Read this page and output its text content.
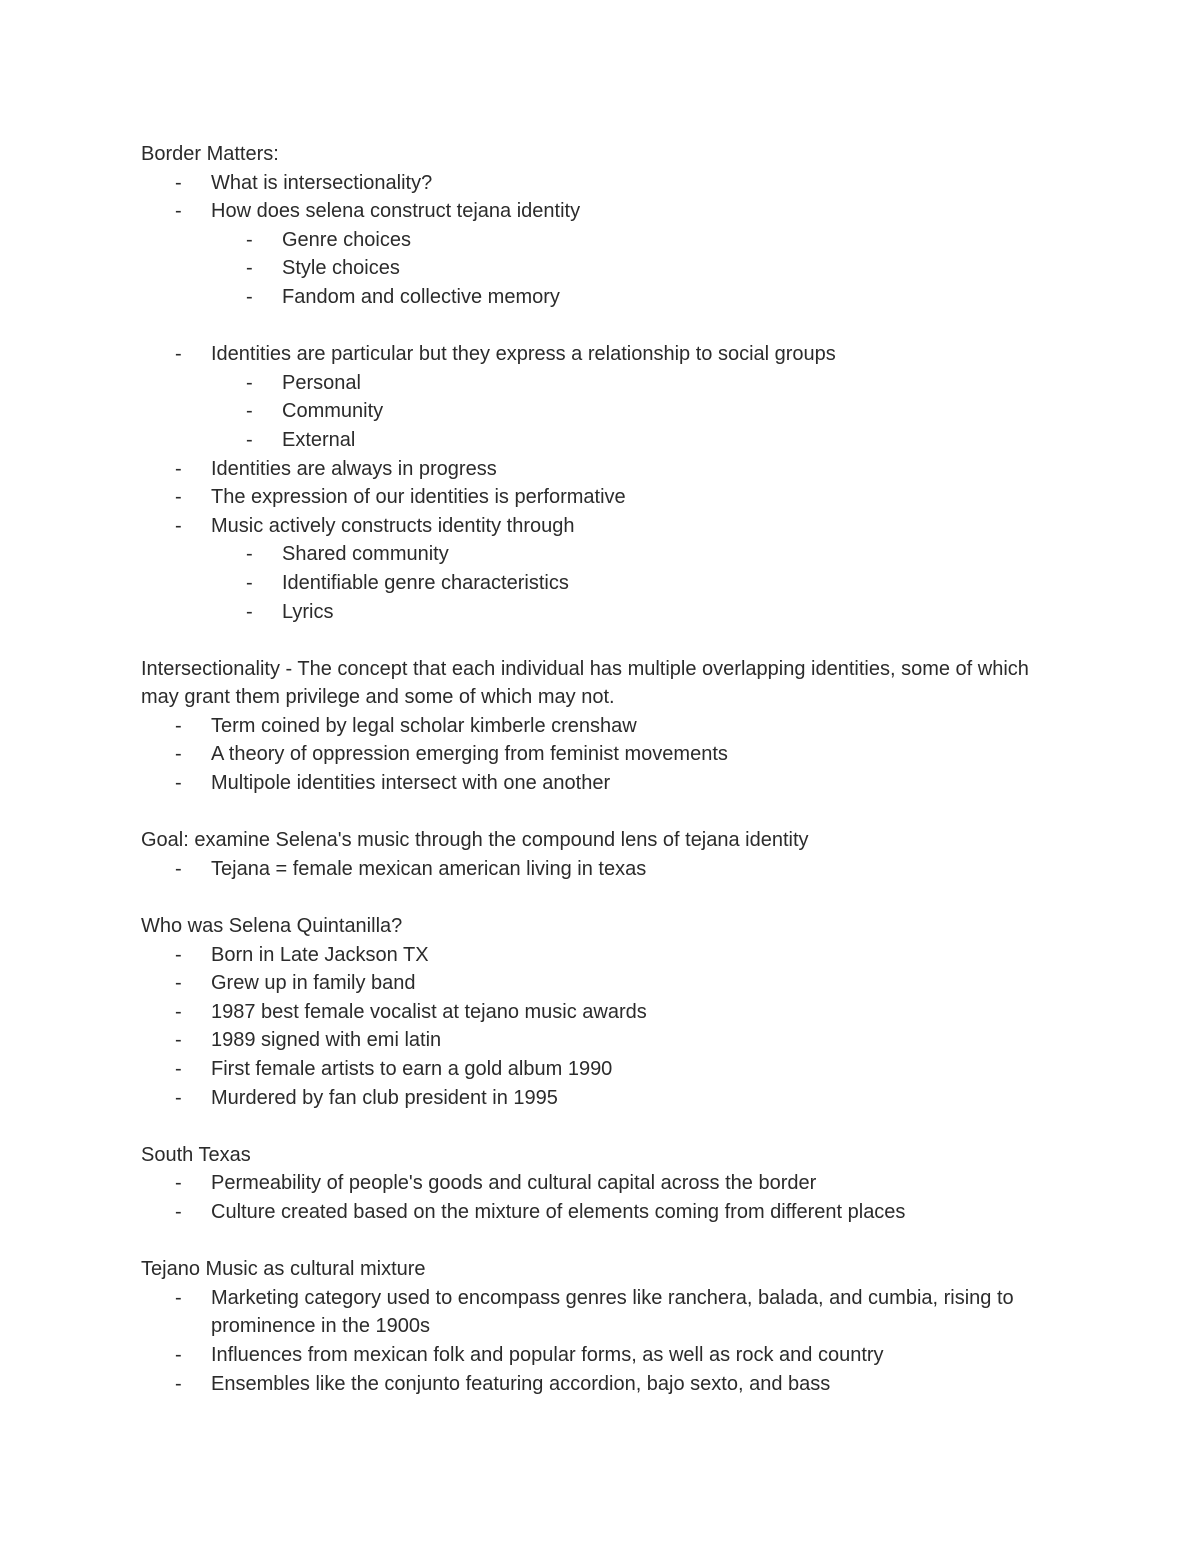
Border Matters:

- What is intersectionality?
- How does selena construct tejana identity
- Genre choices
- Style choices
- Fandom and collective memory
- Identities are particular but they express a relationship to social groups
- Personal
- Community
- External
- Identities are always in progress
- The expression of our identities is performative
- Music actively constructs identity through
- Shared community
- Identifiable genre characteristics
- Lyrics

Intersectionality - The concept that each individual has multiple overlapping identities, some of which may grant them privilege and some of which may not.

- Term coined by legal scholar kimberle crenshaw
- A theory of oppression emerging from feminist movements
- Multipole identities intersect with one another

Goal: examine Selena's music through the compound lens of tejana identity

- Tejana = female mexican american living in texas

Who was Selena Quintanilla?

- Born in Late Jackson TX
- Grew up in family band
- 1987 best female vocalist at tejano music awards
- 1989 signed with emi latin
- First female artists to earn a gold album 1990
- Murdered by fan club president in 1995

South Texas

- Permeability of people's goods and cultural capital across the border
- Culture created based on the mixture of elements coming from different places

Tejano Music as cultural mixture

- Marketing category used to encompass genres like ranchera, balada, and cumbia, rising to prominence in the 1900s
- Influences from mexican folk and popular forms, as well as rock and country
- Ensembles like the conjunto featuring accordion, bajo sexto, and bass
